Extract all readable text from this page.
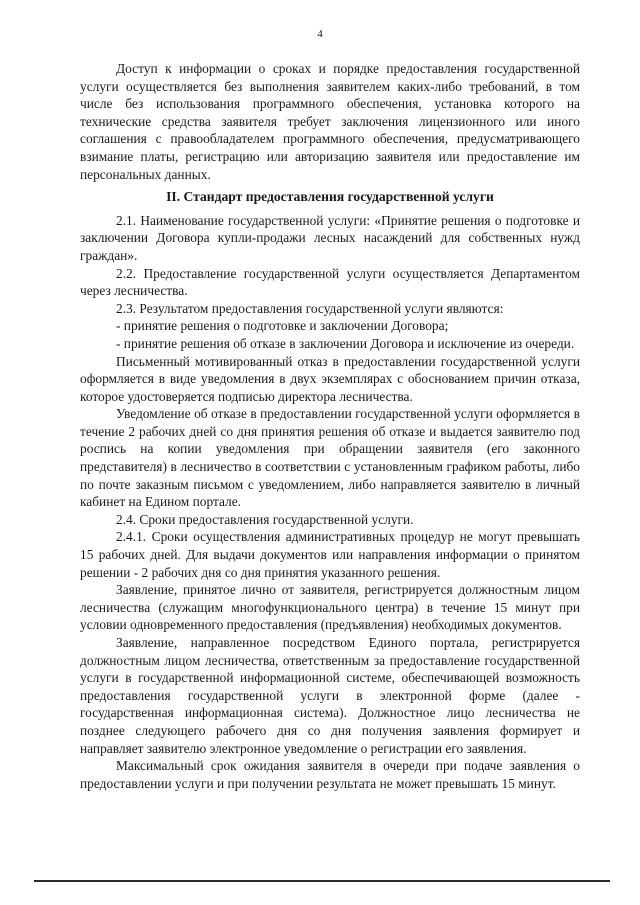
4

Доступ к информации о сроках и порядке предоставления государственной услуги осуществляется без выполнения заявителем каких-либо требований, в том числе без использования программного обеспечения, установка которого на технические средства заявителя требует заключения лицензионного или иного соглашения с правообладателем программного обеспечения, предусматривающего взимание платы, регистрацию или авторизацию заявителя или предоставление им персональных данных.

II. Стандарт предоставления государственной услуги

2.1. Наименование государственной услуги: «Принятие решения о подготовке и заключении Договора купли-продажи лесных насаждений для собственных нужд граждан».

2.2. Предоставление государственной услуги осуществляется Департаментом через лесничества.

2.3. Результатом предоставления государственной услуги являются:

- принятие решения о подготовке и заключении Договора;

- принятие решения об отказе в заключении Договора и исключение из очереди.

Письменный мотивированный отказ в предоставлении государственной услуги оформляется в виде уведомления в двух экземплярах с обоснованием причин отказа, которое удостоверяется подписью директора лесничества.

Уведомление об отказе в предоставлении государственной услуги оформляется в течение 2 рабочих дней со дня принятия решения об отказе и выдается заявителю под роспись на копии уведомления при обращении заявителя (его законного представителя) в лесничество в соответствии с установленным графиком работы, либо по почте заказным письмом с уведомлением, либо направляется заявителю в личный кабинет на Едином портале.

2.4. Сроки предоставления государственной услуги.

2.4.1. Сроки осуществления административных процедур не могут превышать 15 рабочих дней. Для выдачи документов или направления информации о принятом решении - 2 рабочих дня со дня принятия указанного решения.

Заявление, принятое лично от заявителя, регистрируется должностным лицом лесничества (служащим многофункционального центра) в течение 15 минут при условии одновременного предоставления (предъявления) необходимых документов.

Заявление, направленное посредством Единого портала, регистрируется должностным лицом лесничества, ответственным за предоставление государственной услуги в государственной информационной системе, обеспечивающей возможность предоставления государственной услуги в электронной форме (далее - государственная информационная система). Должностное лицо лесничества не позднее следующего рабочего дня со дня получения заявления формирует и направляет заявителю электронное уведомление о регистрации его заявления.

Максимальный срок ожидания заявителя в очереди при подаче заявления о предоставлении услуги и при получении результата не может превышать 15 минут.
